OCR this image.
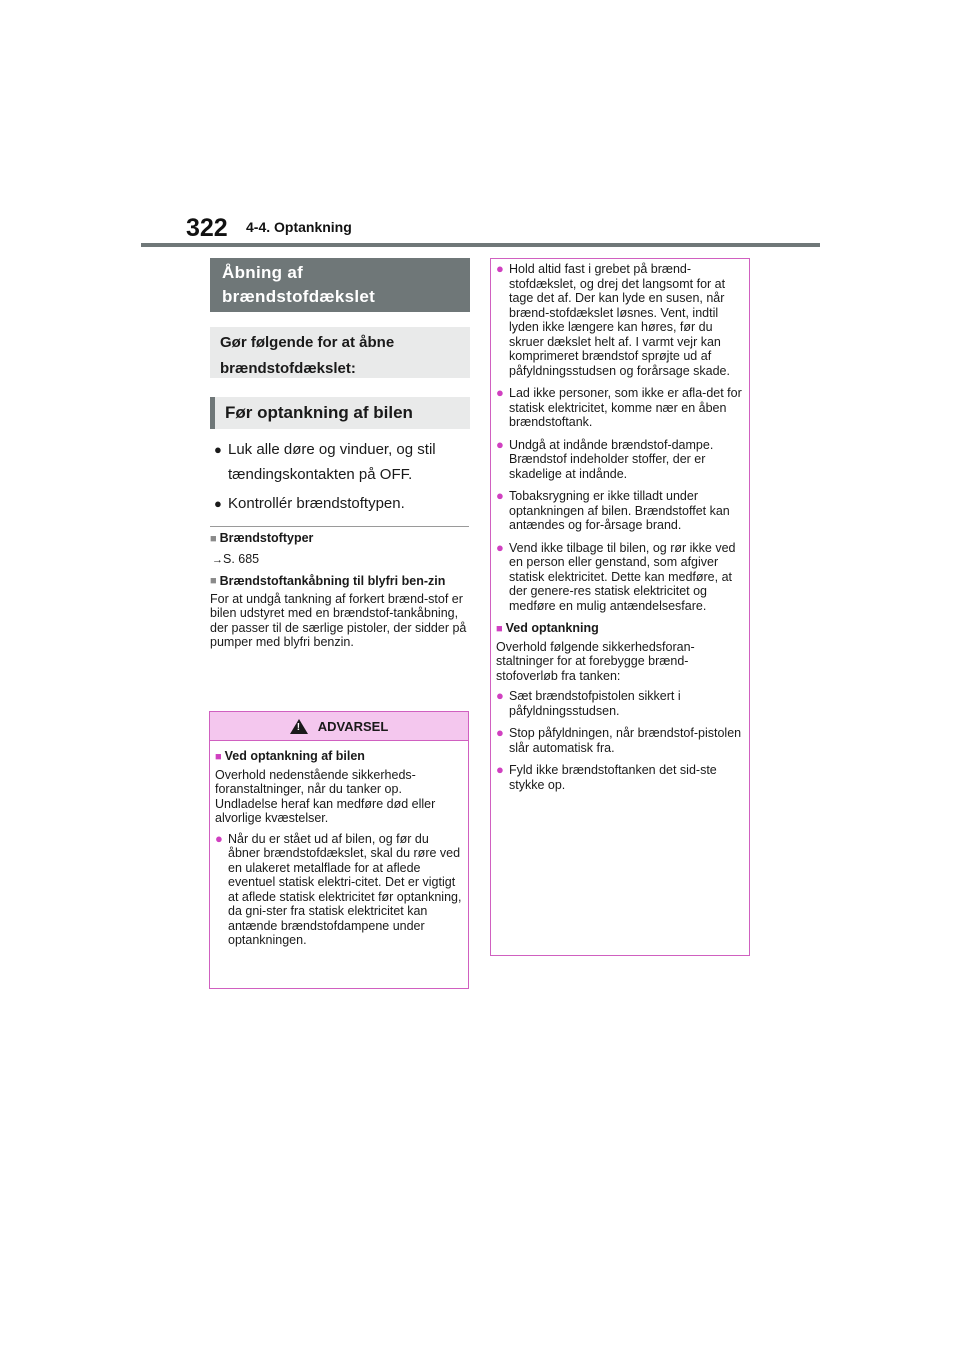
322 4-4. Optankning
Åbning af brændstofdækslet
Gør følgende for at åbne brændstofdækslet:
Før optankning af bilen
● Luk alle døre og vinduer, og stil tændingskontakten på OFF.
● Kontrollér brændstoftypen.
■ Brændstoftyper
→S. 685
■ Brændstoftankåbning til blyfri ben-zin
For at undgå tankning af forkert brænd-stof er bilen udstyret med en brændstof-tankåbning, der passer til de særlige pistoler, der sidder på pumper med blyfri benzin.
! ADVARSEL
■ Ved optankning af bilen
Overhold nedenstående sikkerheds-foranstaltninger, når du tanker op. Undladelse heraf kan medføre død eller alvorlige kvæstelser.
● Når du er stået ud af bilen, og før du åbner brændstofdækslet, skal du røre ved en ulakeret metalflade for at aflede eventuel statisk elektri-citet. Det er vigtigt at aflede statisk elektricitet før optankning, da gni-ster fra statisk elektricitet kan antænde brændstofdampene under optankningen.
● Hold altid fast i grebet på brænd-stofdækslet, og drej det langsomt for at tage det af. Der kan lyde en susen, når brænd-stofdækslet løsnes. Vent, indtil lyden ikke længere kan høres, før du skruer dækslet helt af. I varmt vejr kan komprimeret brændstof sprøjte ud af påfyldningsstudsen og forårsage skade.
● Lad ikke personer, som ikke er afla-det for statisk elektricitet, komme nær en åben brændstoftank.
● Undgå at indånde brændstof-dampe. Brændstof indeholder stoffer, der er skadelige at indånde.
● Tobaksrygning er ikke tilladt under optankningen af bilen. Brændstoffet kan antændes og for-årsage brand.
● Vend ikke tilbage til bilen, og rør ikke ved en person eller genstand, som afgiver statisk elektricitet. Dette kan medføre, at der genere-res statisk elektricitet og medføre en mulig antændelsesfare.
■ Ved optankning
Overhold følgende sikkerhedsforan-staltninger for at forebygge brænd-stofoverløb fra tanken:
● Sæt brændstofpistolen sikkert i påfyldningsstudsen.
● Stop påfyldningen, når brændstof-pistolen slår automatisk fra.
● Fyld ikke brændstoftanken det sid-ste stykke op.
